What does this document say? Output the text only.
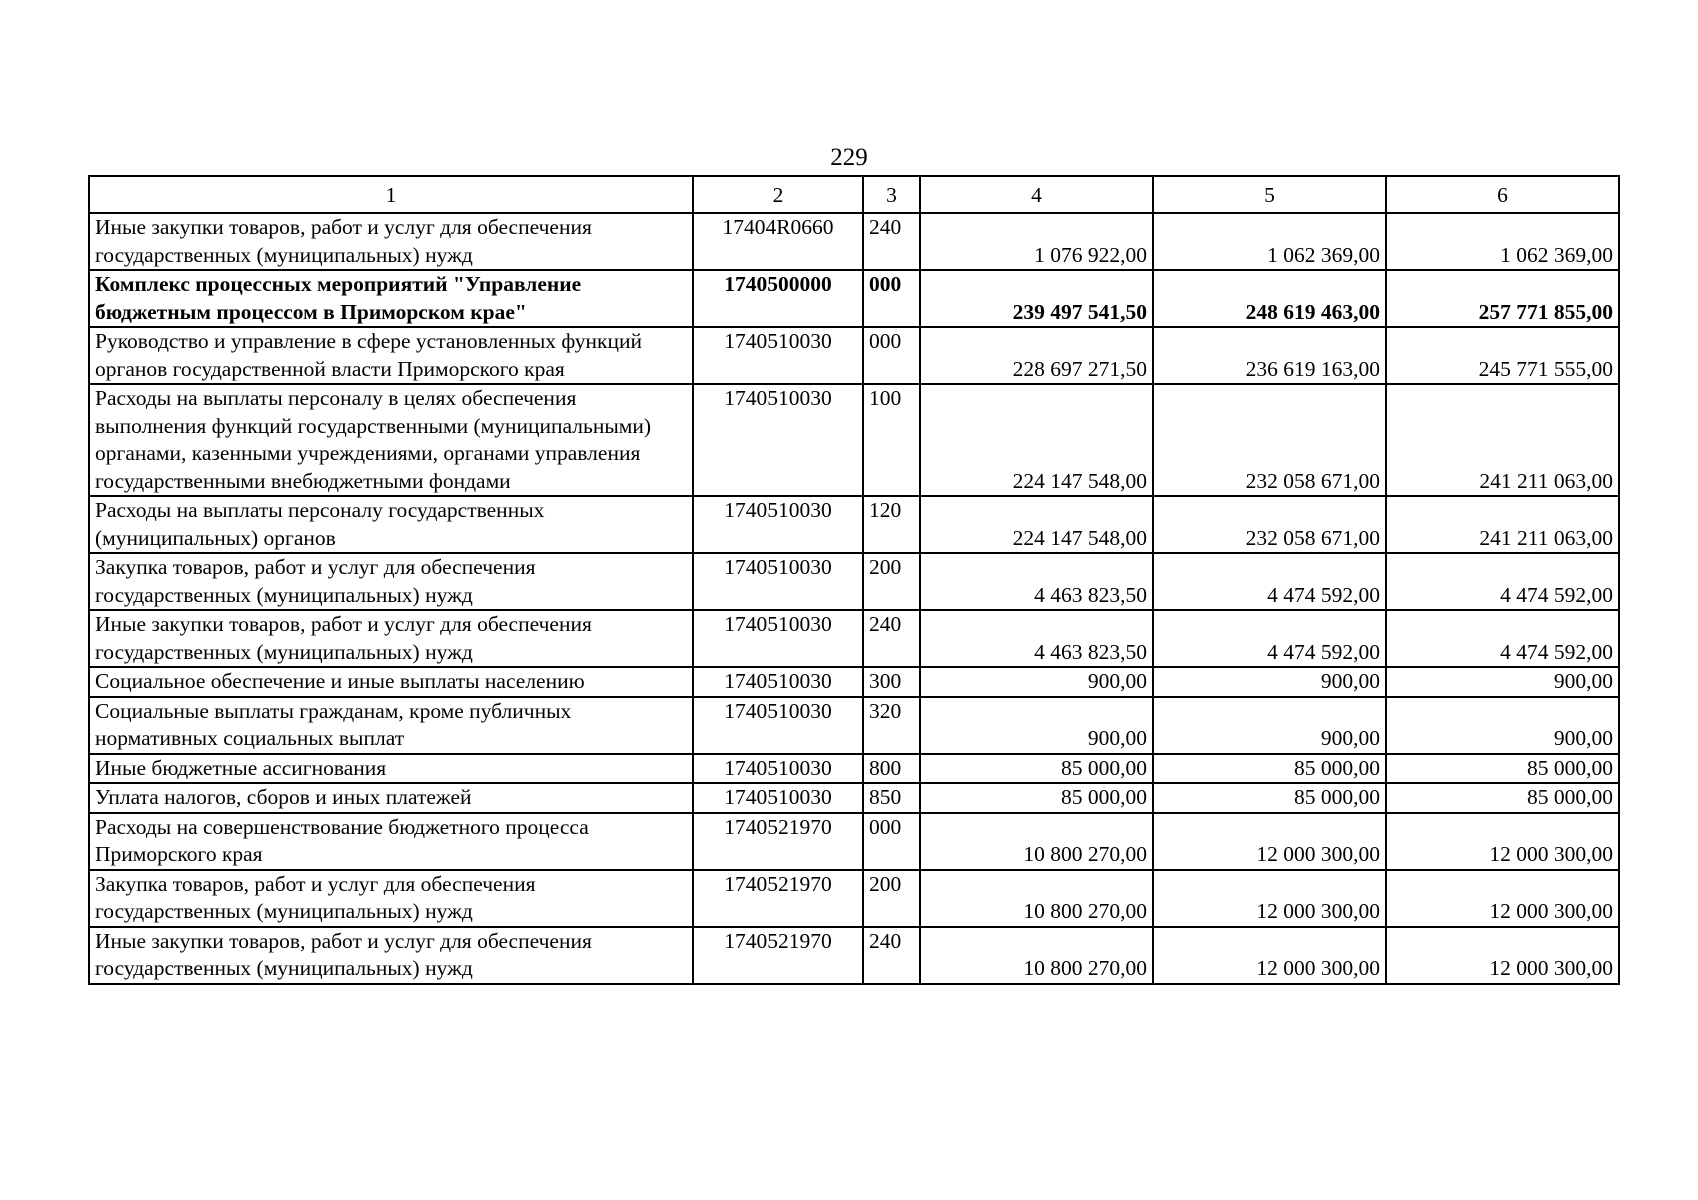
229
1	2	3	4	5	6
Иные закупки товаров, работ и услуг для обеспечения государственных (муниципальных) нужд	17404R0660	240	1 076 922,00	1 062 369,00	1 062 369,00
Комплекс процессных мероприятий "Управление бюджетным процессом в Приморском крае"	1740500000	000	239 497 541,50	248 619 463,00	257 771 855,00
Руководство и управление в сфере установленных функций органов государственной власти Приморского края	1740510030	000	228 697 271,50	236 619 163,00	245 771 555,00
Расходы на выплаты персоналу в целях обеспечения выполнения функций государственными (муниципальными) органами, казенными учреждениями, органами управления государственными внебюджетными фондами	1740510030	100	224 147 548,00	232 058 671,00	241 211 063,00
Расходы на выплаты персоналу государственных (муниципальных) органов	1740510030	120	224 147 548,00	232 058 671,00	241 211 063,00
Закупка товаров, работ и услуг для обеспечения государственных (муниципальных) нужд	1740510030	200	4 463 823,50	4 474 592,00	4 474 592,00
Иные закупки товаров, работ и услуг для обеспечения государственных (муниципальных) нужд	1740510030	240	4 463 823,50	4 474 592,00	4 474 592,00
Социальное обеспечение и иные выплаты населению	1740510030	300	900,00	900,00	900,00
Социальные выплаты гражданам, кроме публичных нормативных социальных выплат	1740510030	320	900,00	900,00	900,00
Иные бюджетные ассигнования	1740510030	800	85 000,00	85 000,00	85 000,00
Уплата налогов, сборов и иных платежей	1740510030	850	85 000,00	85 000,00	85 000,00
Расходы на совершенствование бюджетного процесса Приморского края	1740521970	000	10 800 270,00	12 000 300,00	12 000 300,00
Закупка товаров, работ и услуг для обеспечения государственных (муниципальных) нужд	1740521970	200	10 800 270,00	12 000 300,00	12 000 300,00
Иные закупки товаров, работ и услуг для обеспечения государственных (муниципальных) нужд	1740521970	240	10 800 270,00	12 000 300,00	12 000 300,00
